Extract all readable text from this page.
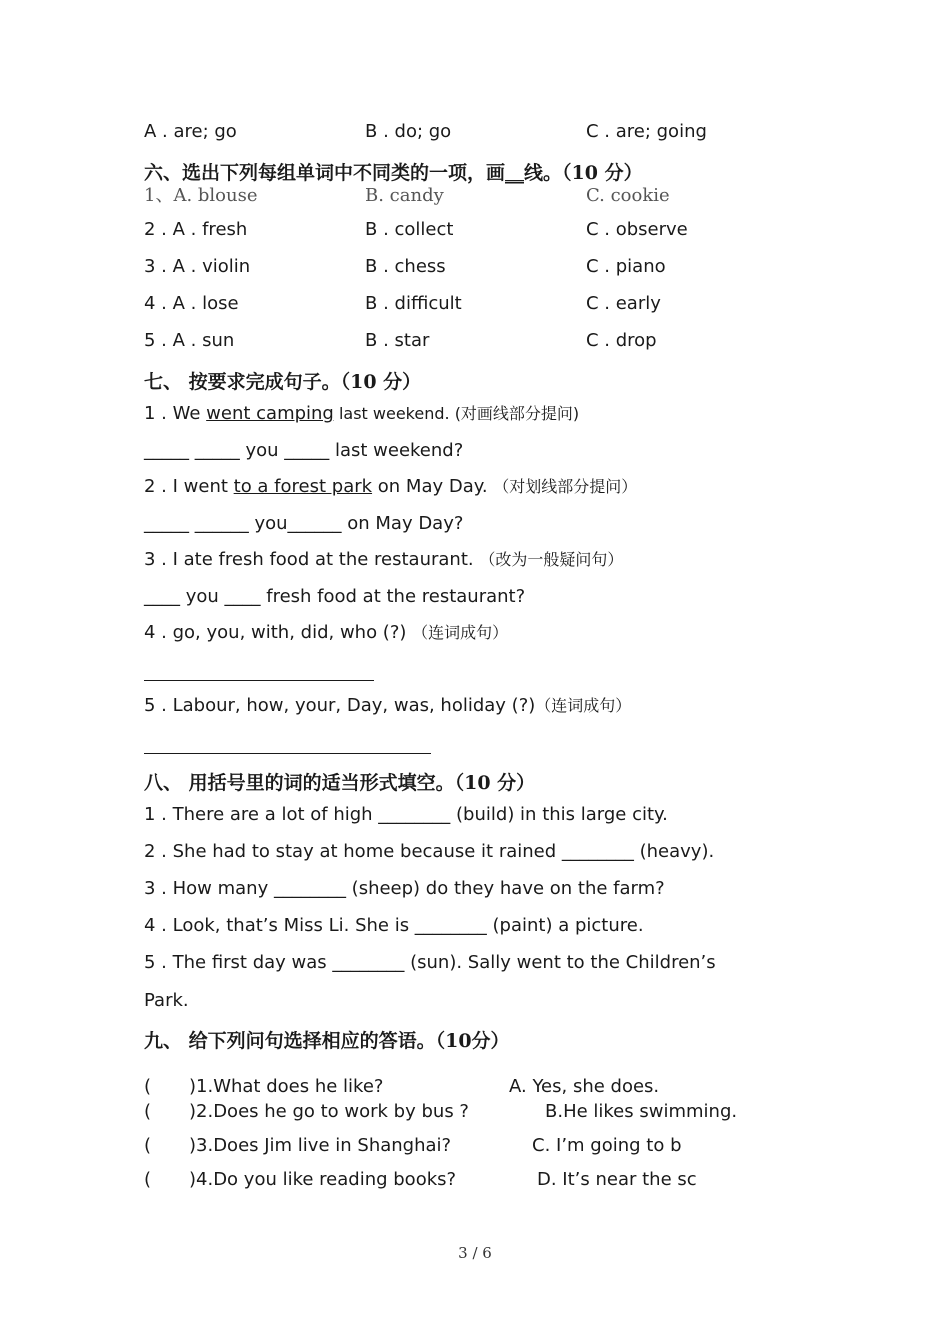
A . are; go	B . do; go	C . are; going
六、选出下列每组单词中不同类的一项，画__线。（10 分）
1、A. blouse	B. candy	C. cookie
2 . A . fresh	B . collect	C . observe
3 . A . violin	B . chess	C . piano
4 . A . lose	B . difficult	C . early
5 . A . sun	B . star	C . drop
七、 按要求完成句子。（10 分）
1 . We went camping last weekend. (对画线部分提问)
_____ _____ you _____ last weekend?
2 . I went to a forest park on May Day. （对划线部分提问）
_____ ______ you______ on May Day?
3 . I ate fresh food at the restaurant. （改为一般疑问句）
____ you ____ fresh food at the restaurant?
4 . go, you, with, did, who (?) （连词成句）
5 . Labour, how, your, Day, was, holiday (?)（连词成句）
八、 用括号里的词的适当形式填空。（10 分）
1 . There are a lot of high ________ (build) in this large city.
2 . She had to stay at home because it rained ________ (heavy).
3 . How many ________ (sheep) do they have on the farm?
4 . Look, that’s Miss Li. She is ________ (paint) a picture.
5 . The first day was ________ (sun). Sally went to the Children’s
Park.
九、 给下列问句选择相应的答语。（10分）
( )1.What does he like?	A. Yes, she does.
( )2.Does he go to work by bus ?	B.He likes swimming.
( )3.Does Jim live in Shanghai?	C. I’m going to b
( )4.Do you like reading books?	D. It’s near the sc
3 / 6
